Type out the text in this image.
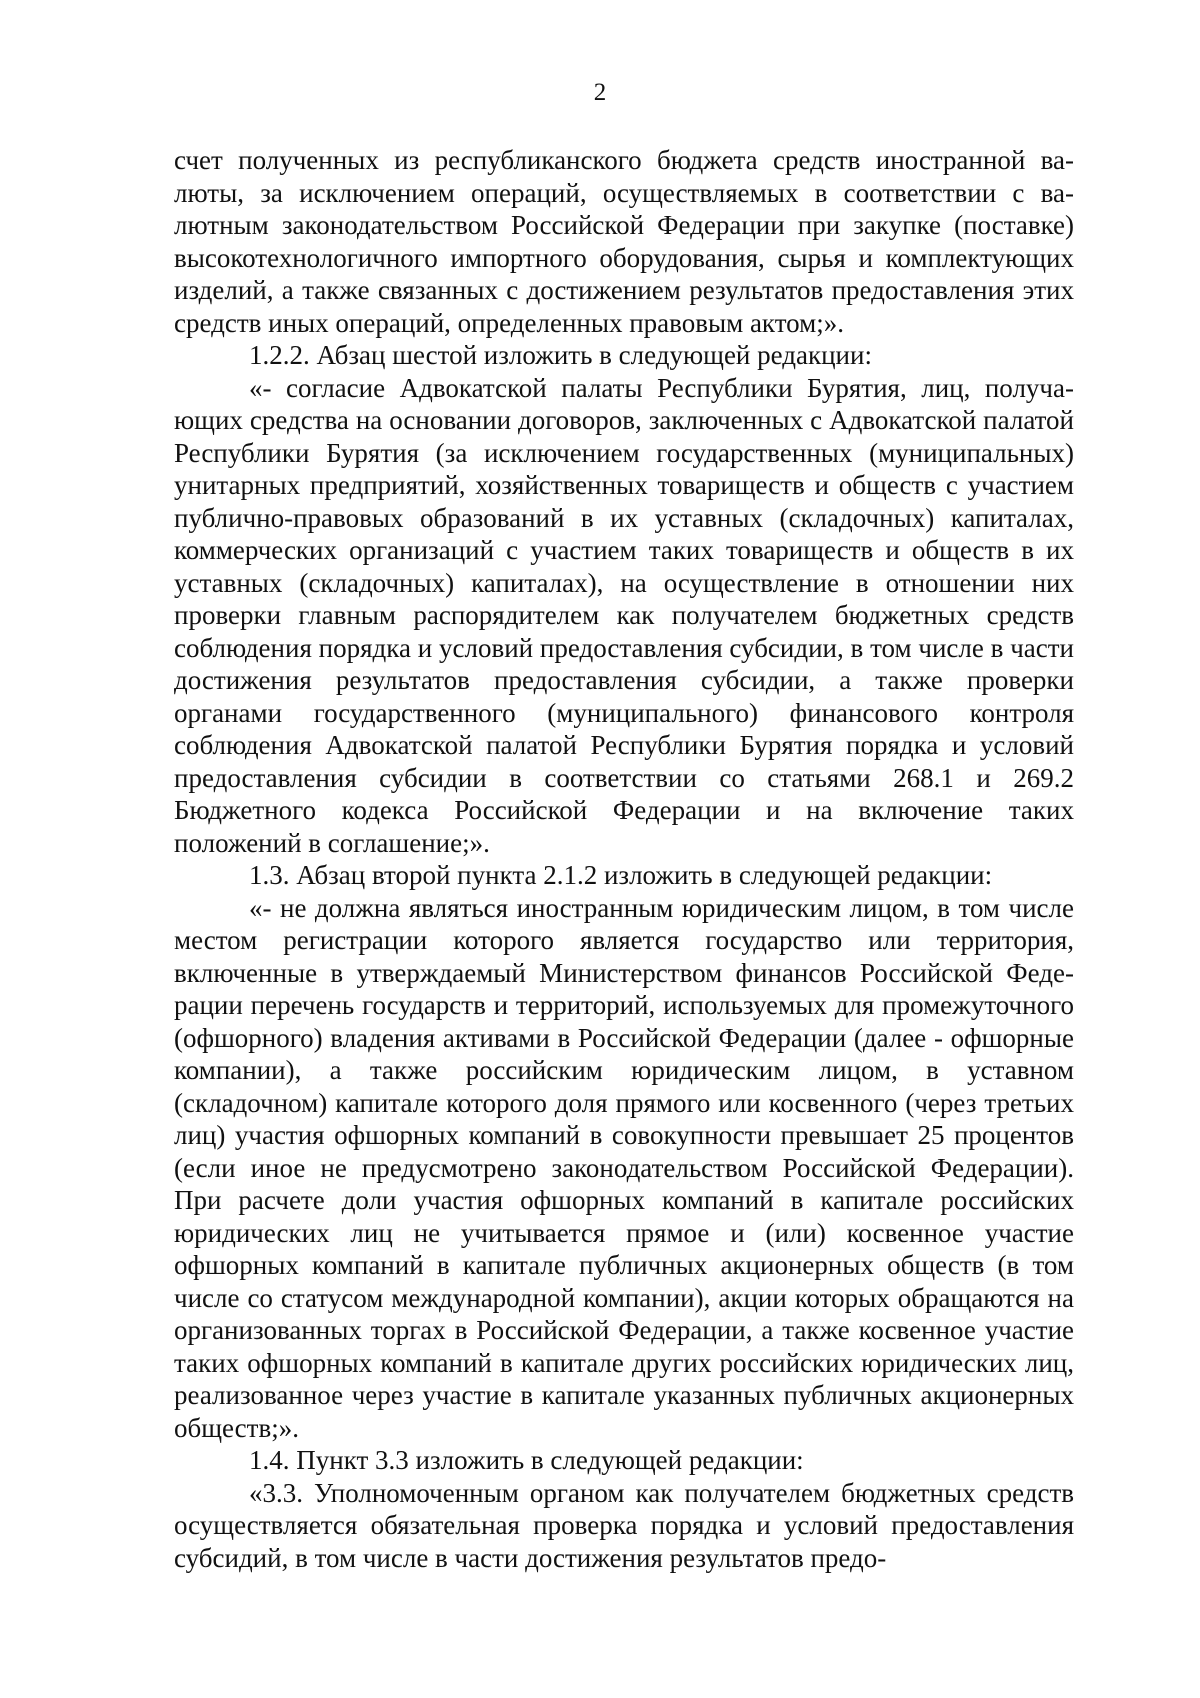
2

счет полученных из республиканского бюджета средств иностранной валюты, за исключением операций, осуществляемых в соответствии с валютным законодательством Российской Федерации при закупке (поставке) высокотехнологичного импортного оборудования, сырья и комплектующих изделий, а также связанных с достижением результатов предоставления этих средств иных операций, определенных правовым актом;».

1.2.2. Абзац шестой изложить в следующей редакции:

«- согласие Адвокатской палаты Республики Бурятия, лиц, получающих средства на основании договоров, заключенных с Адвокатской палатой Республики Бурятия (за исключением государственных (муниципальных) унитарных предприятий, хозяйственных товариществ и обществ с участием публично-правовых образований в их уставных (складочных) капиталах, коммерческих организаций с участием таких товариществ и обществ в их уставных (складочных) капиталах), на осуществление в отношении них проверки главным распорядителем как получателем бюджетных средств соблюдения порядка и условий предоставления субсидии, в том числе в части достижения результатов предоставления субсидии, а также проверки органами государственного (муниципального) финансового контроля соблюдения Адвокатской палатой Республики Бурятия порядка и условий предоставления субсидии в соответствии со статьями 268.1 и 269.2 Бюджетного кодекса Российской Федерации и на включение таких положений в соглашение;».

1.3. Абзац второй пункта 2.1.2 изложить в следующей редакции:

«- не должна являться иностранным юридическим лицом, в том числе местом регистрации которого является государство или территория, включенные в утверждаемый Министерством финансов Российской Федерации перечень государств и территорий, используемых для промежуточного (офшорного) владения активами в Российской Федерации (далее - офшорные компании), а также российским юридическим лицом, в уставном (складочном) капитале которого доля прямого или косвенного (через третьих лиц) участия офшорных компаний в совокупности превышает 25 процентов (если иное не предусмотрено законодательством Российской Федерации). При расчете доли участия офшорных компаний в капитале российских юридических лиц не учитывается прямое и (или) косвенное участие офшорных компаний в капитале публичных акционерных обществ (в том числе со статусом международной компании), акции которых обращаются на организованных торгах в Российской Федерации, а также косвенное участие таких офшорных компаний в капитале других российских юридических лиц, реализованное через участие в капитале указанных публичных акционерных обществ;».

1.4. Пункт 3.3 изложить в следующей редакции:

«3.3. Уполномоченным органом как получателем бюджетных средств осуществляется обязательная проверка порядка и условий предоставления субсидий, в том числе в части достижения результатов предо-
